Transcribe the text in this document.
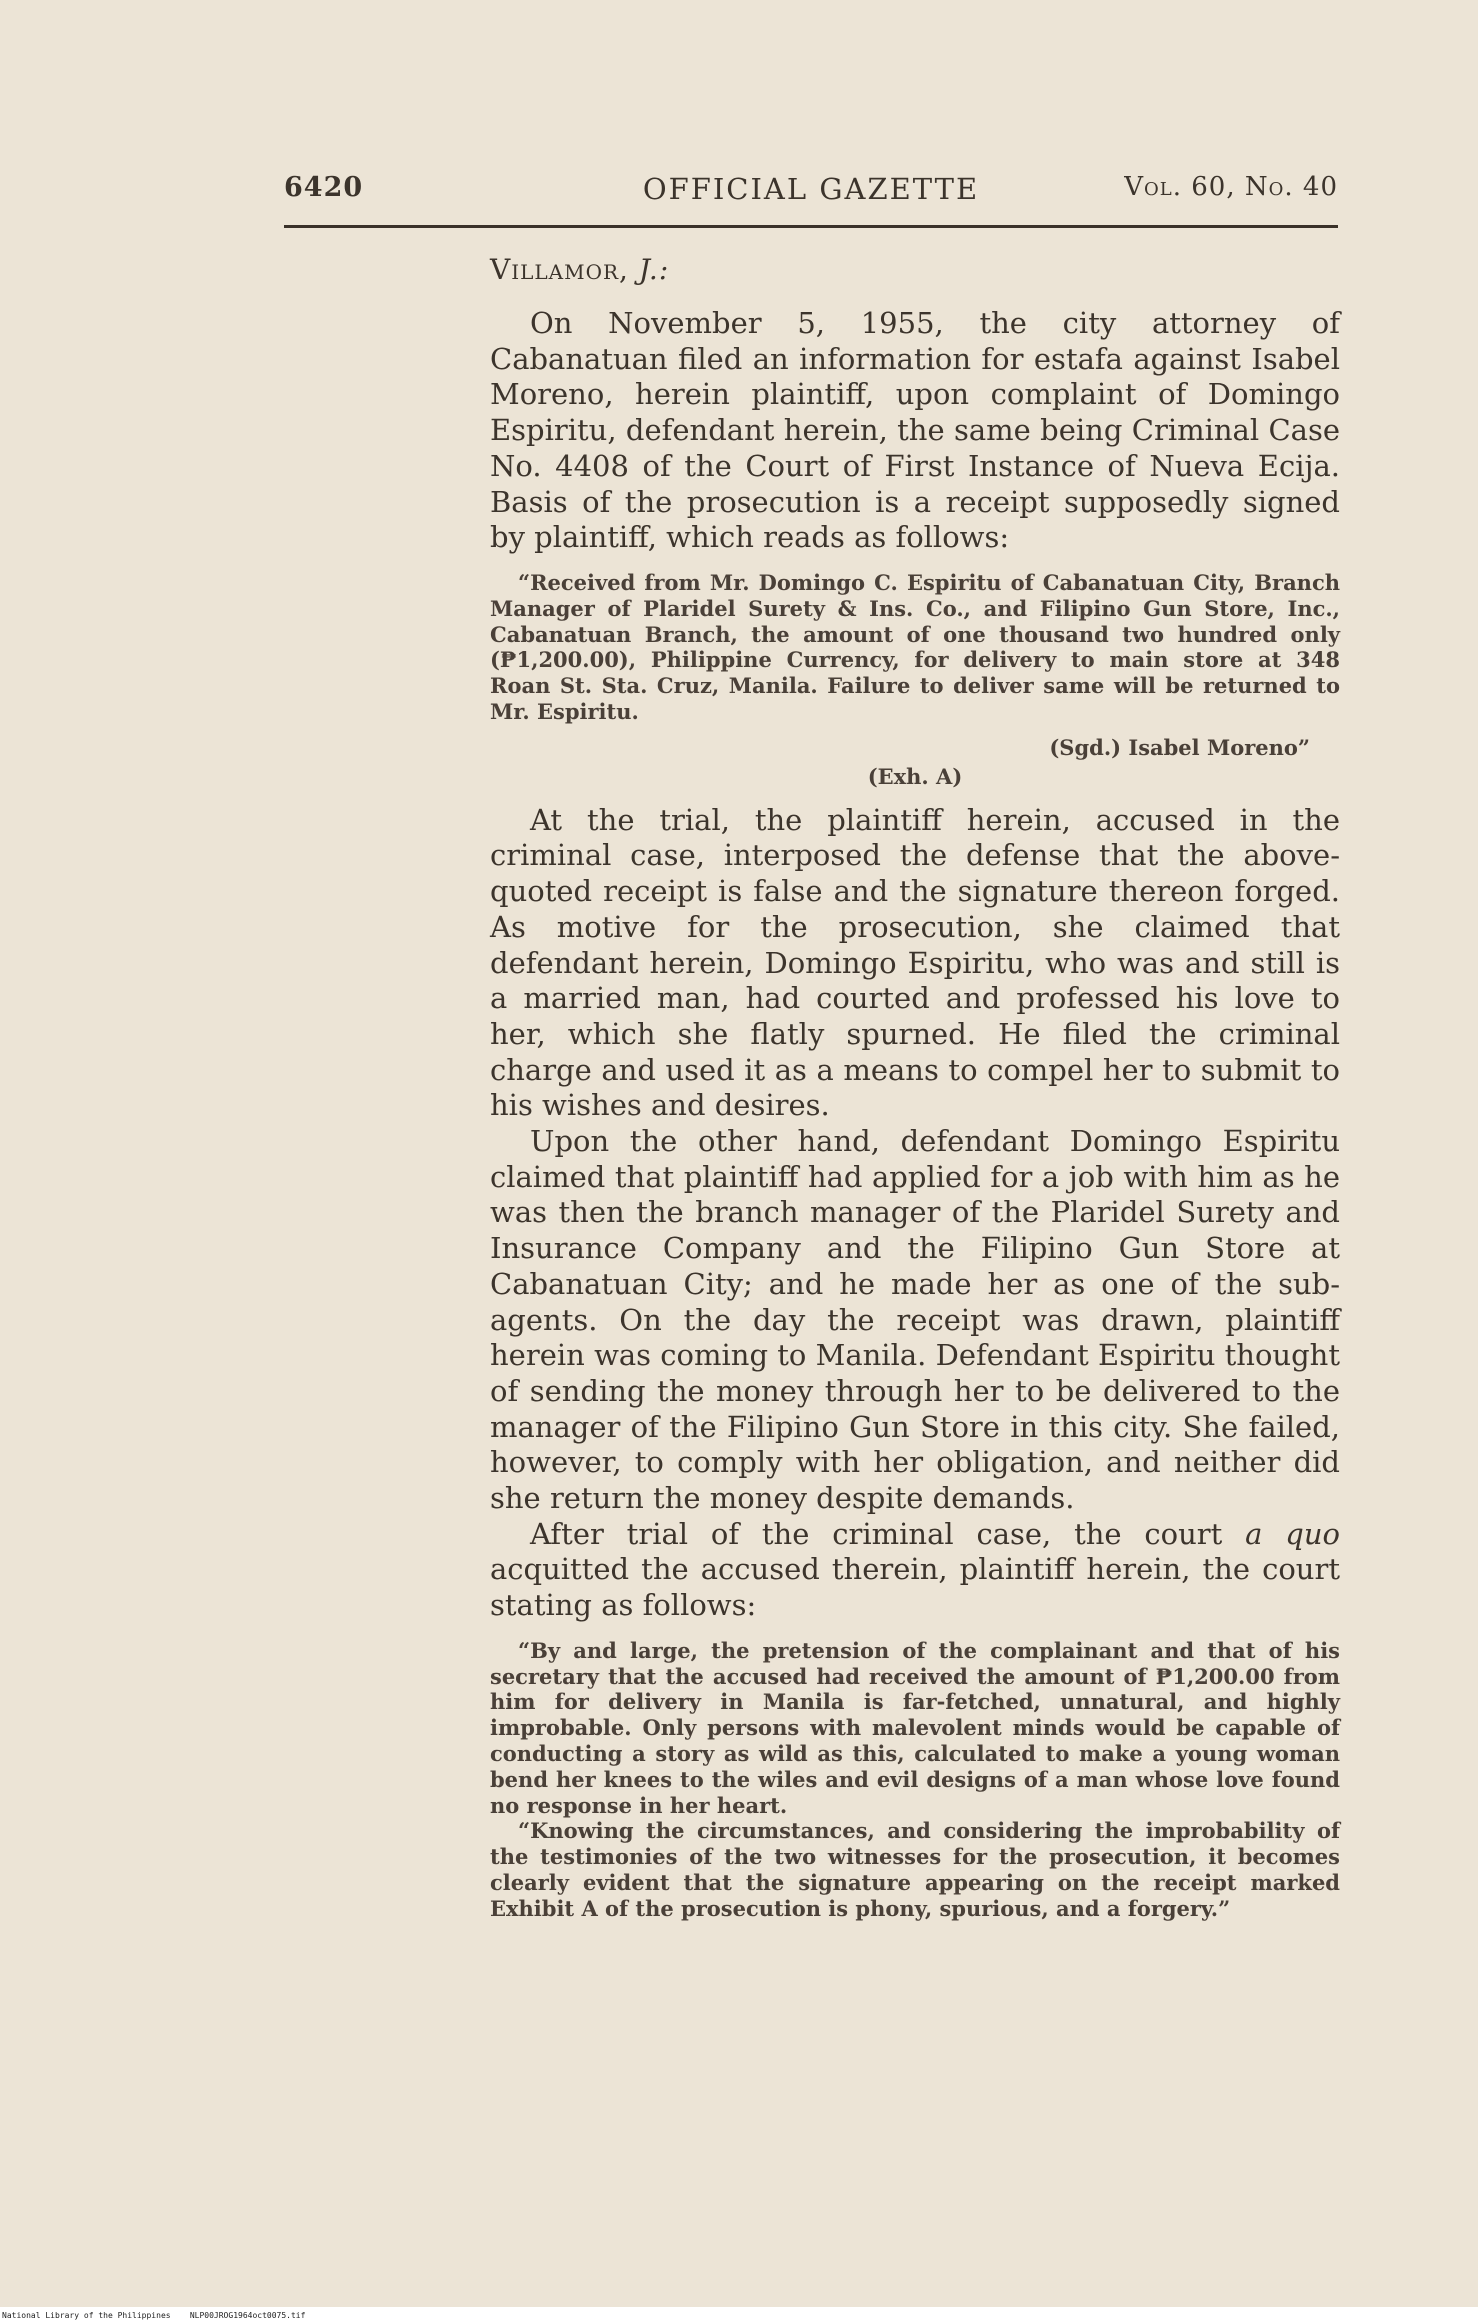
6420	OFFICIAL GAZETTE	Vol. 60, No. 40

Villamor, J.:

On November 5, 1955, the city attorney of Cabanatuan filed an information for estafa against Isabel Moreno, herein plaintiff, upon complaint of Domingo Espiritu, defendant herein, the same being Criminal Case No. 4408 of the Court of First Instance of Nueva Ecija. Basis of the prosecution is a receipt supposedly signed by plaintiff, which reads as follows:

“Received from Mr. Domingo C. Espiritu of Cabanatuan City, Branch Manager of Plaridel Surety & Ins. Co., and Filipino Gun Store, Inc., Cabanatuan Branch, the amount of one thousand two hundred only (₱1,200.00), Philippine Currency, for delivery to main store at 348 Roan St. Sta. Cruz, Manila. Failure to deliver same will be returned to Mr. Espiritu.

(Sgd.) Isabel Moreno”

(Exh. A)

At the trial, the plaintiff herein, accused in the criminal case, interposed the defense that the above-quoted receipt is false and the signature thereon forged. As motive for the prosecution, she claimed that defendant herein, Domingo Espiritu, who was and still is a married man, had courted and professed his love to her, which she flatly spurned. He filed the criminal charge and used it as a means to compel her to submit to his wishes and desires.

Upon the other hand, defendant Domingo Espiritu claimed that plaintiff had applied for a job with him as he was then the branch manager of the Plaridel Surety and Insurance Company and the Filipino Gun Store at Cabanatuan City; and he made her as one of the sub-agents. On the day the receipt was drawn, plaintiff herein was coming to Manila. Defendant Espiritu thought of sending the money through her to be delivered to the manager of the Filipino Gun Store in this city. She failed, however, to comply with her obligation, and neither did she return the money despite demands.

After trial of the criminal case, the court a quo acquitted the accused therein, plaintiff herein, the court stating as follows:

“By and large, the pretension of the complainant and that of his secretary that the accused had received the amount of ₱1,200.00 from him for delivery in Manila is far-fetched, unnatural, and highly improbable. Only persons with malevolent minds would be capable of conducting a story as wild as this, calculated to make a young woman bend her knees to the wiles and evil designs of a man whose love found no response in her heart.

“Knowing the circumstances, and considering the improbability of the testimonies of the two witnesses for the prosecution, it becomes clearly evident that the signature appearing on the receipt marked Exhibit A of the prosecution is phony, spurious, and a forgery.”

National Library of the Philippines NLP00JROG1964oct0075.tif
